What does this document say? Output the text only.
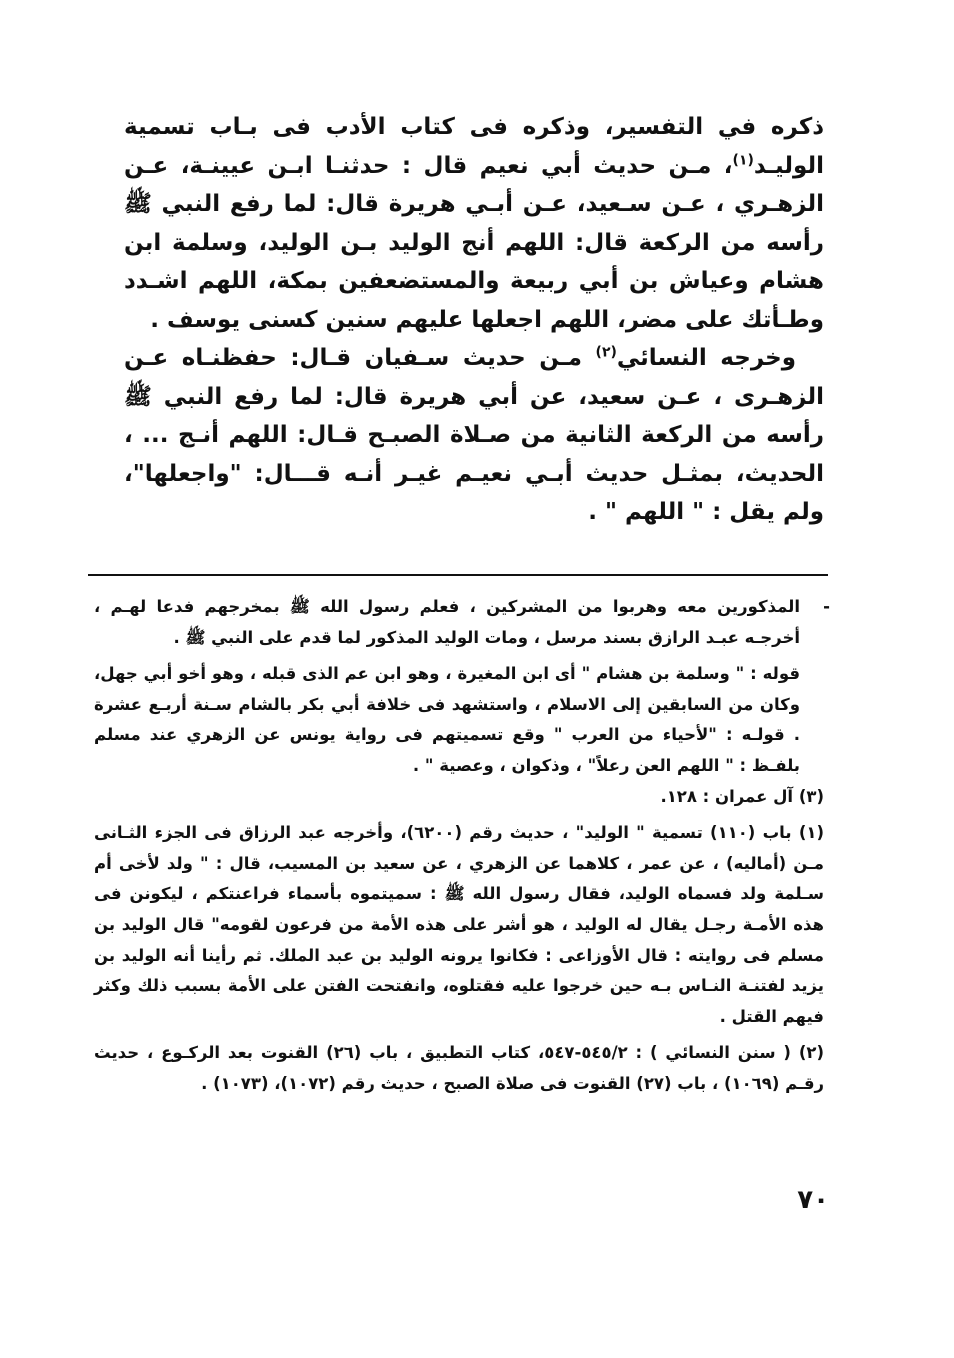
ذكره في التفسير، وذكره فى كتاب الأدب فى بـاب تسمية الوليـد$^{(١)}$، مـن حديث أبي نعيم قال : حدثنـا ابـن عيينـة، عـن الزهـري ، عـن سـعيد، عـن أبـي هريرة قال: لما رفع النبي ﷺ رأسه من الركعة قال: اللهم أنج الوليد بـن الوليد، وسلمة ابن هشام وعياش بن أبي ربيعة والمستضعفين بمكة، اللهم اشـدد وطـأتك على مضر، اللهم اجعلها عليهم سنين كسنى يوسف .

وخرجه النسائي$^{(٢)}$ مـن حديث سـفيان قـال: حفظنـاه عـن الزهـرى ، عـن سعيد، عن أبي هريرة قال: لما رفع النبي ﷺ رأسه من الركعة الثانية من صـلاة الصبـح قـال: اللهم أنـج ... ، الحديث، بمثـل حديث أبـي نعيـم غيـر أنـه قـــال: "واجعلها"، ولم يقل : " اللهم " .

-
المذكورين معه وهربوا من المشركين ، فعلم رسول الله ﷺ بمخرجهم فدعا لهـم ، أخرجـه عبـد الرازق بسند مرسل ، ومات الوليد المذكور لما قدم على النبي ﷺ .

قوله : " وسلمة بن هشام " أى ابن المغيرة ، وهو ابن عم الذى قبله ، وهو أخو أبي جهل، وكان من السابقين إلى الاسلام ، واستشهد فى خلافة أبي بكر بالشام سـنة أربـع عشرة . قولـه : "لأحياء من العرب " وقع تسميتهم فى رواية يونس عن الزهري عند مسلم بلفـظ : " اللهم العن رعلاً" ، وذكوان ، وعصية " .

(٣) آل عمران : ١٢٨.

(١) باب (١١٠) تسمية " الوليد" ، حديث رقم (٦٢٠٠)، وأخرجه عبد الرزاق فى الجزء الثـانى مـن (أماليه) ، عن عمر ، كلاهما عن الزهري ، عن سعيد بن المسيب، قال : " ولد لأخى أم سـلمة ولد فسماه الوليد، فقال رسول الله ﷺ : سميتموه بأسماء فراعنتكم ، ليكونن فى هذه الأمـة رجـل يقال له الوليد ، هو أشر على هذه الأمة من فرعون لقومه" قال الوليد بن مسلم فى روايته : قال الأوزاعى : فكانوا يرونه الوليد بن عبد الملك. ثم رأينا أنه الوليد بن يزيد لفتنـة النـاس بـه حين خرجوا عليه فقتلوه، وانفتحت الفتن على الأمة بسبب ذلك وكثر فيهم القتل .

(٢) ( سنن النسائي ) : ٥٤٥/٢-٥٤٧، كتاب التطبيق ، باب (٢٦) القنوت بعد الركـوع ، حديث رقـم (١٠٦٩) ، باب (٢٧) القنوت فى صلاة الصبح ، حديث رقم (١٠٧٢)، (١٠٧٣) .

٧٠
